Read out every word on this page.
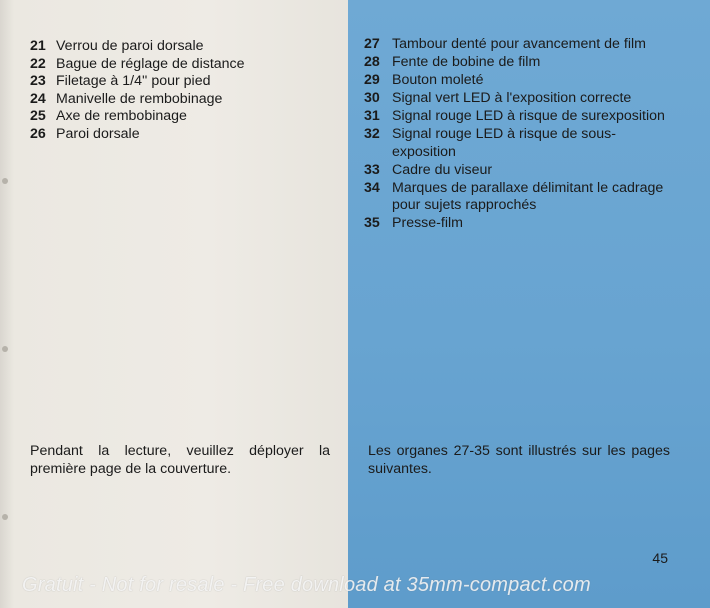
21 Verrou de paroi dorsale
22 Bague de réglage de distance
23 Filetage à 1/4'' pour pied
24 Manivelle de rembobinage
25 Axe de rembobinage
26 Paroi dorsale
27 Tambour denté pour avancement de film
28 Fente de bobine de film
29 Bouton moleté
30 Signal vert LED à l'exposition correcte
31 Signal rouge LED à risque de surexposition
32 Signal rouge LED à risque de sous-exposition
33 Cadre du viseur
34 Marques de parallaxe délimitant le cadrage pour sujets rapprochés
35 Presse-film

Pendant la lecture, veuillez déployer la première page de la couverture.

Les organes 27-35 sont illustrés sur les pages suivantes.

45
Gratuit - Not for resale - Free download at 35mm-compact.com
